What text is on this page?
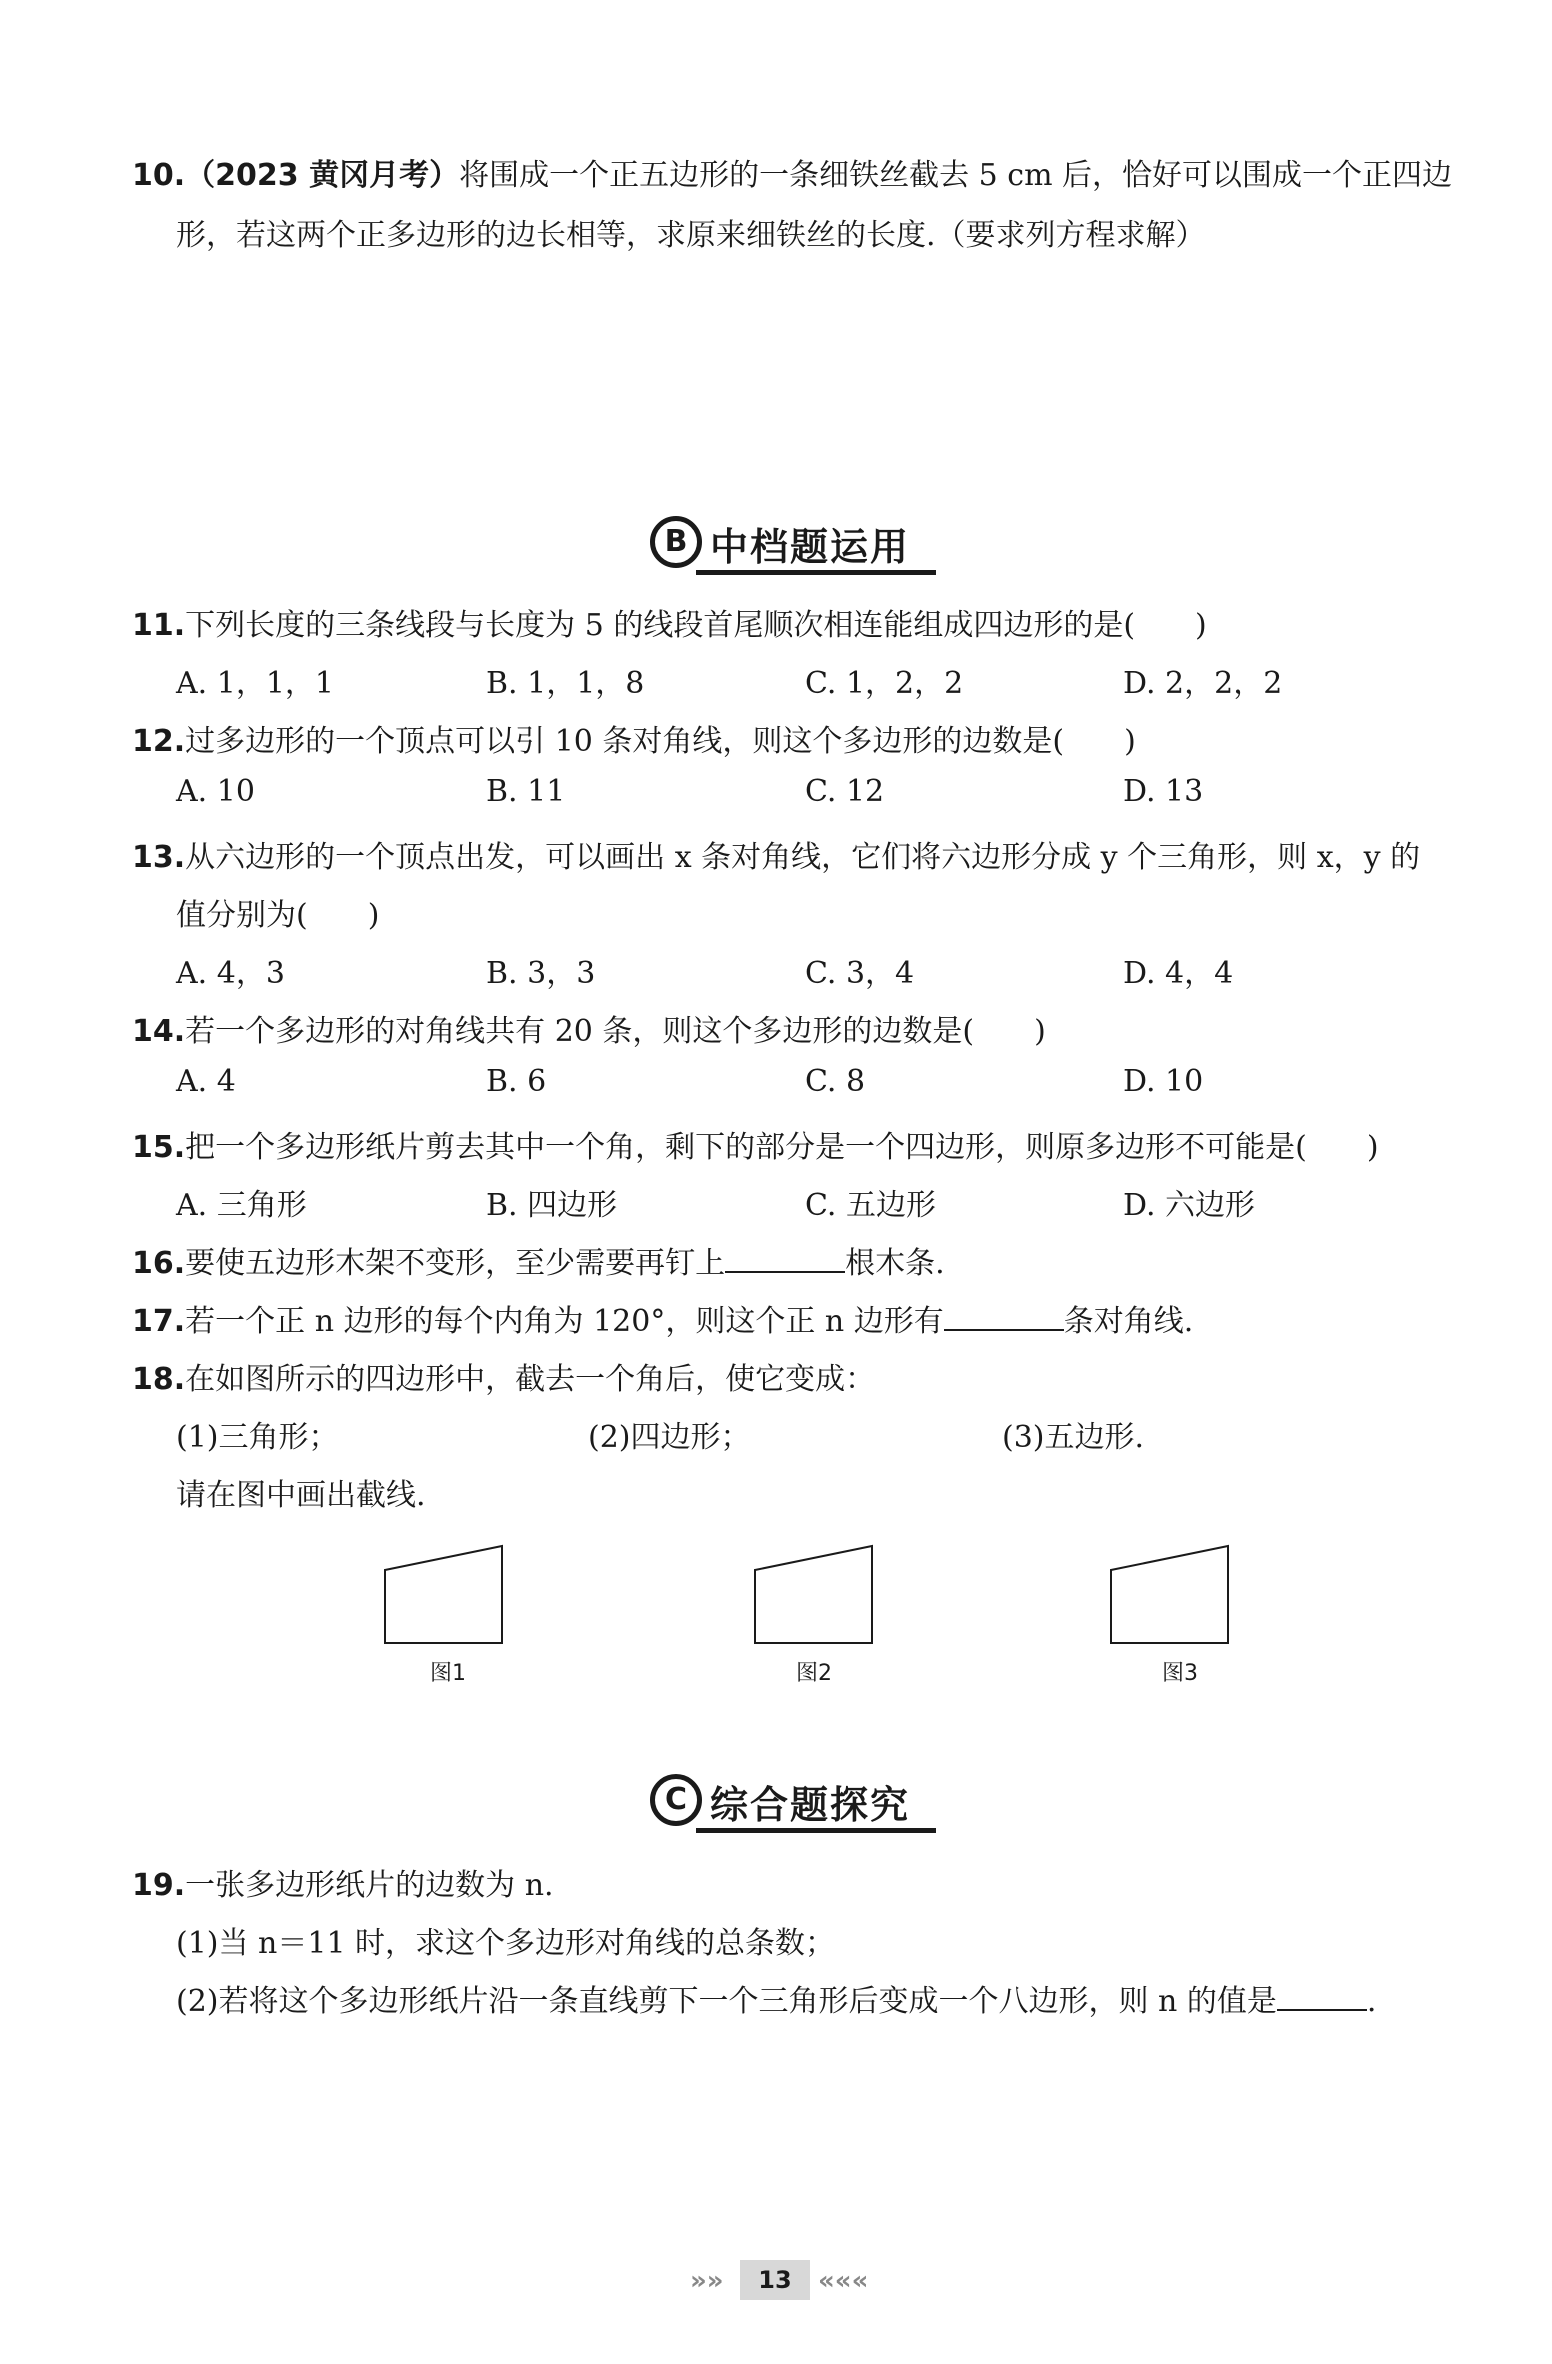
10.（2023 黄冈月考）将围成一个正五边形的一条细铁丝截去 5 cm 后，恰好可以围成一个正四边
形，若这两个正多边形的边长相等，求原来细铁丝的长度.（要求列方程求解）
B 中档题运用
11.下列长度的三条线段与长度为 5 的线段首尾顺次相连能组成四边形的是(　　)
A. 1，1，1	B. 1，1，8	C. 1，2，2	D. 2，2，2
12.过多边形的一个顶点可以引 10 条对角线，则这个多边形的边数是(　　)
A. 10	B. 11	C. 12	D. 13
13.从六边形的一个顶点出发，可以画出 x 条对角线，它们将六边形分成 y 个三角形，则 x，y 的
值分别为(　　)
A. 4，3	B. 3，3	C. 3，4	D. 4，4
14.若一个多边形的对角线共有 20 条，则这个多边形的边数是(　　)
A. 4	B. 6	C. 8	D. 10
15.把一个多边形纸片剪去其中一个角，剩下的部分是一个四边形，则原多边形不可能是(　　)
A. 三角形	B. 四边形	C. 五边形	D. 六边形
16.要使五边形木架不变形，至少需要再钉上	根木条.
17.若一个正 n 边形的每个内角为 120°，则这个正 n 边形有	条对角线.
18.在如图所示的四边形中，截去一个角后，使它变成：
(1)三角形；	(2)四边形；	(3)五边形.
请在图中画出截线.
图1	图2	图3
C 综合题探究
19.一张多边形纸片的边数为 n.
(1)当 n＝11 时，求这个多边形对角线的总条数；
(2)若将这个多边形纸片沿一条直线剪下一个三角形后变成一个八边形，则 n 的值是	.
»»	13	«««
